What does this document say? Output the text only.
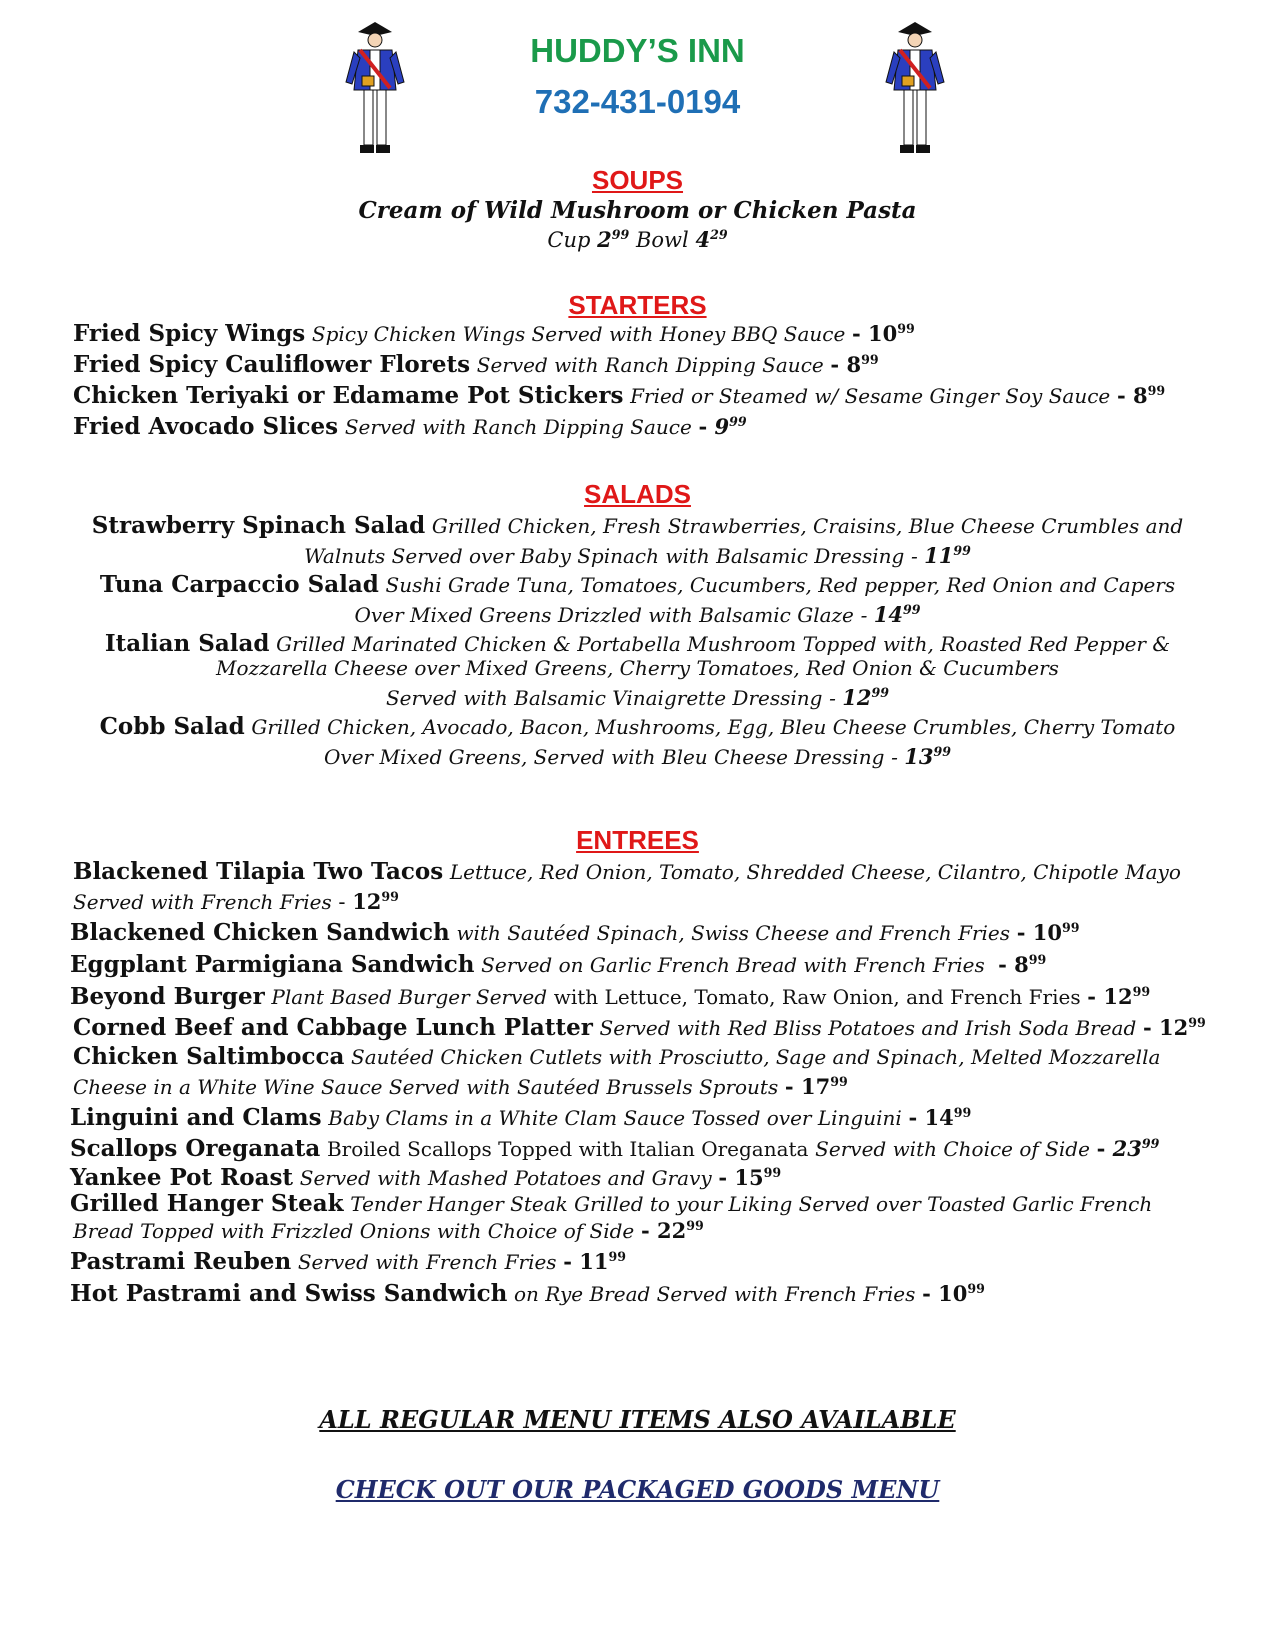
HUDDY’S INN
732-431-0194
SOUPS
Cream of Wild Mushroom or Chicken Pasta
Cup $2^{99}$ Bowl $4^{29}$
STARTERS
Fried Spicy Wings Spicy Chicken Wings Served with Honey BBQ Sauce - $10^{99}$
Fried Spicy Cauliflower Florets Served with Ranch Dipping Sauce - $8^{99}$
Chicken Teriyaki or Edamame Pot Stickers Fried or Steamed w/ Sesame Ginger Soy Sauce - $8^{99}$
Fried Avocado Slices Served with Ranch Dipping Sauce - $9^{99}$
SALADS
Strawberry Spinach Salad Grilled Chicken, Fresh Strawberries, Craisins, Blue Cheese Crumbles and
Walnuts Served over Baby Spinach with Balsamic Dressing - $11^{99}$
Tuna Carpaccio Salad Sushi Grade Tuna, Tomatoes, Cucumbers, Red pepper, Red Onion and Capers
Over Mixed Greens Drizzled with Balsamic Glaze - $14^{99}$
Italian Salad Grilled Marinated Chicken & Portabella Mushroom Topped with, Roasted Red Pepper &
Mozzarella Cheese over Mixed Greens, Cherry Tomatoes, Red Onion & Cucumbers
Served with Balsamic Vinaigrette Dressing - $12^{99}$
Cobb Salad Grilled Chicken, Avocado, Bacon, Mushrooms, Egg, Bleu Cheese Crumbles, Cherry Tomato
Over Mixed Greens, Served with Bleu Cheese Dressing - $13^{99}$
ENTREES
Blackened Tilapia Two Tacos Lettuce, Red Onion, Tomato, Shredded Cheese, Cilantro, Chipotle Mayo
Served with French Fries - $12^{99}$
Blackened Chicken Sandwich with Sautéed Spinach, Swiss Cheese and French Fries - $10^{99}$
Eggplant Parmigiana Sandwich Served on Garlic French Bread with French Fries - $8^{99}$
Beyond Burger Plant Based Burger Served with Lettuce, Tomato, Raw Onion, and French Fries - $12^{99}$
Corned Beef and Cabbage Lunch Platter Served with Red Bliss Potatoes and Irish Soda Bread - $12^{99}$
Chicken Saltimbocca Sautéed Chicken Cutlets with Prosciutto, Sage and Spinach, Melted Mozzarella
Cheese in a White Wine Sauce Served with Sautéed Brussels Sprouts - $17^{99}$
Linguini and Clams Baby Clams in a White Clam Sauce Tossed over Linguini - $14^{99}$
Scallops Oreganata Broiled Scallops Topped with Italian Oreganata Served with Choice of Side - $23^{99}$
Yankee Pot Roast Served with Mashed Potatoes and Gravy - $15^{99}$
Grilled Hanger Steak Tender Hanger Steak Grilled to your Liking Served over Toasted Garlic French
Bread Topped with Frizzled Onions with Choice of Side - $22^{99}$
Pastrami Reuben Served with French Fries - $11^{99}$
Hot Pastrami and Swiss Sandwich on Rye Bread Served with French Fries - $10^{99}$
ALL REGULAR MENU ITEMS ALSO AVAILABLE
CHECK OUT OUR PACKAGED GOODS MENU
